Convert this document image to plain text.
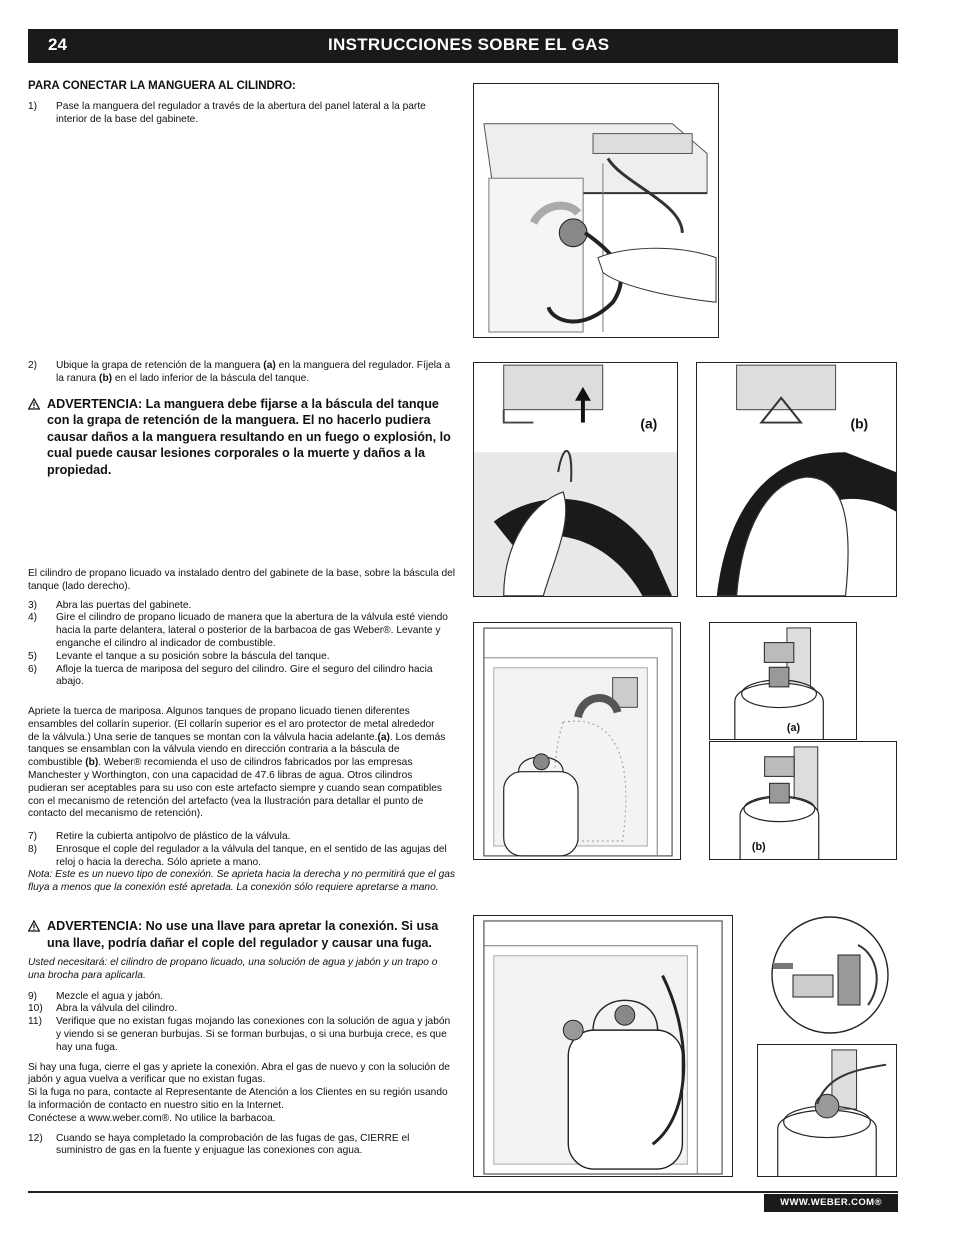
24	INSTRUCCIONES SOBRE EL GAS
PARA CONECTAR LA MANGUERA AL CILINDRO:
1) Pase la manguera del regulador a través de la abertura del panel lateral a la parte interior de la base del gabinete.
2) Ubique la grapa de retención de la manguera (a) en la manguera del regulador. Fíjela a la ranura (b) en el lado inferior de la báscula del tanque.
ADVERTENCIA: La manguera debe fijarse a la báscula del tanque con la grapa de retención de la manguera. El no hacerlo pudiera causar daños a la manguera resultando en un fuego o explosión, lo cual puede causar lesiones corporales o la muerte y daños a la propiedad.
El cilindro de propano licuado va instalado dentro del gabinete de la base, sobre la báscula del tanque (lado derecho).
3) Abra las puertas del gabinete.
4) Gire el cilindro de propano licuado de manera que la abertura de la válvula esté viendo hacia la parte delantera, lateral o posterior de la barbacoa de gas Weber®. Levante y enganche el cilindro al indicador de combustible.
5) Levante el tanque a su posición sobre la báscula del tanque.
6) Afloje la tuerca de mariposa del seguro del cilindro. Gire el seguro del cilindro hacia abajo.
Apriete la tuerca de mariposa. Algunos tanques de propano licuado tienen diferentes ensambles del collarín superior. (El collarín superior es el aro protector de metal alrededor de la válvula.) Una serie de tanques se montan con la válvula hacia adelante.(a). Los demás tanques se ensamblan con la válvula viendo en dirección contraria a la báscula de combustible (b). Weber® recomienda el uso de cilindros fabricados por las empresas Manchester y Worthington, con una capacidad de 47.6 libras de agua. Otros cilindros pudieran ser aceptables para su uso con este artefacto siempre y cuando sean compatibles con el mecanismo de retención del artefacto (vea la Ilustración para detallar el punto de contacto del mecanismo de retención).
7) Retire la cubierta antipolvo de plástico de la válvula.
8) Enrosque el cople del regulador a la válvula del tanque, en el sentido de las agujas del reloj o hacia la derecha. Sólo apriete a mano.
Nota: Este es un nuevo tipo de conexión. Se aprieta hacia la derecha y no permitirá que el gas fluya a menos que la conexión esté apretada. La conexión sólo requiere apretarse a mano.
ADVERTENCIA: No use una llave para apretar la conexión. Si usa una llave, podría dañar el cople del regulador y causar una fuga.
Usted necesitará: el cilindro de propano licuado, una solución de agua y jabón y un trapo o una brocha para aplicarla.
9) Mezcle el agua y jabón.
10) Abra la válvula del cilindro.
11) Verifique que no existan fugas mojando las conexiones con la solución de agua y jabón y viendo si se generan burbujas. Si se forman burbujas, o si una burbuja crece, es que hay una fuga.
Si hay una fuga, cierre el gas y apriete la conexión. Abra el gas de nuevo y con la solución de jabón y agua vuelva a verificar que no existan fugas.
Si la fuga no para, contacte al Representante de Atención a los Clientes en su región usando la información de contacto en nuestro sitio en la Internet.
Conéctese a www.weber.com®. No utilice la barbacoa.
12) Cuando se haya completado la comprobación de las fugas de gas, CIERRE el suministro de gas en la fuente y enjuague las conexiones con agua.
(a)	(b)
(a)
(b)
WWW.WEBER.COM®
